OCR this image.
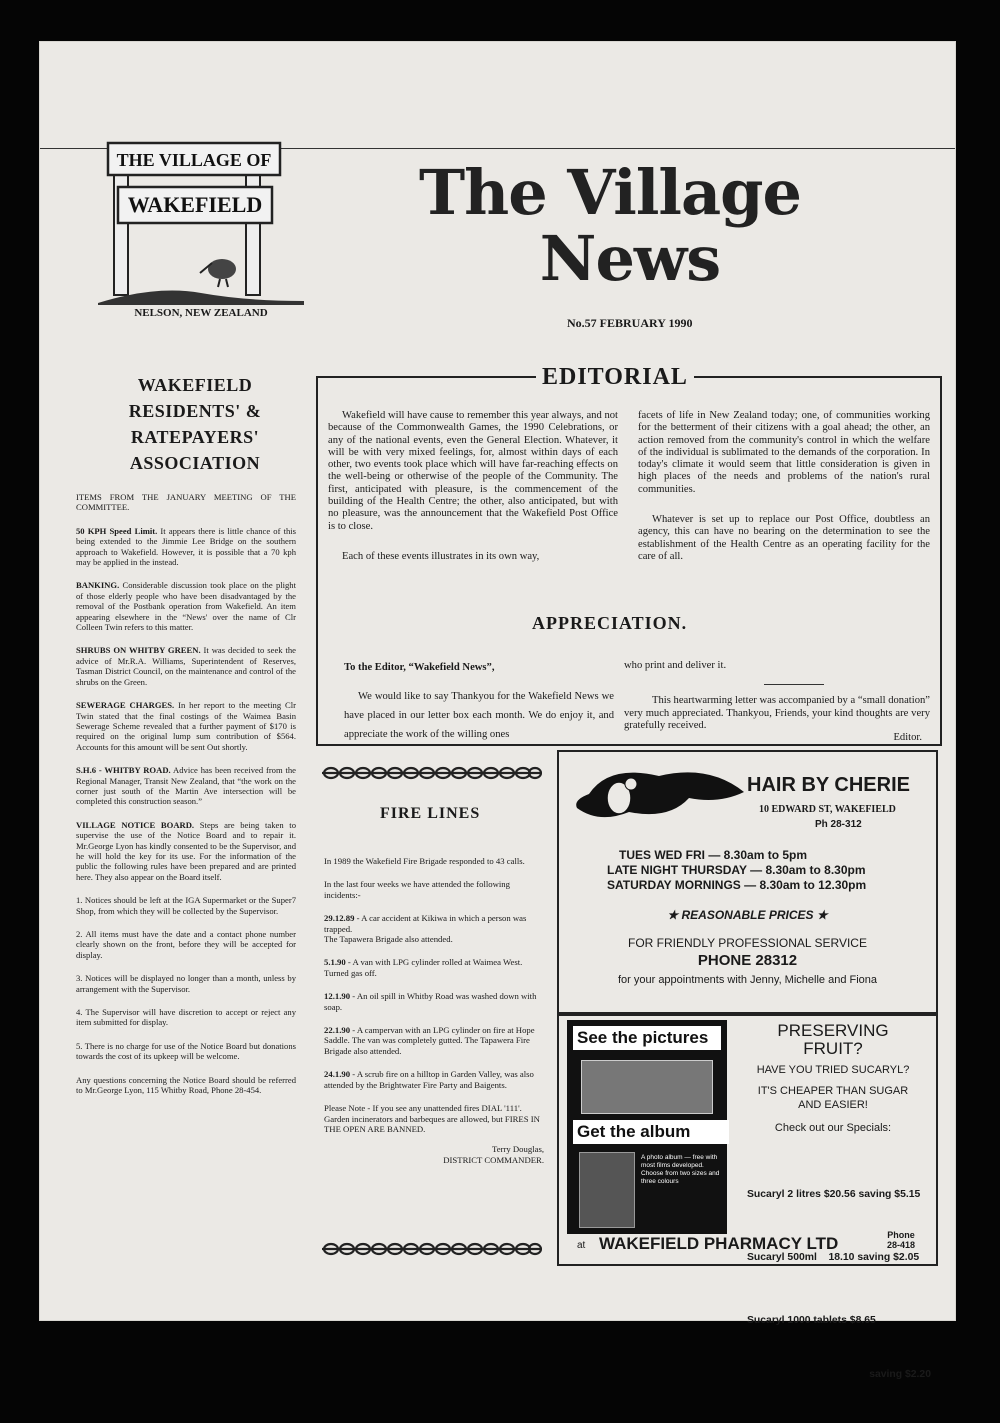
THE VILLAGE OF
WAKEFIELD
NELSON, NEW ZEALAND
The Village
News
No.57 FEBRUARY 1990
WAKEFIELD
RESIDENTS' &
RATEPAYERS'
ASSOCIATION

ITEMS FROM THE JANUARY MEETING OF THE COMMITTEE.

50 KPH Speed Limit. It appears there is little chance of this being extended to the Jimmie Lee Bridge on the southern approach to Wakefield. However, it is possible that a 70 kph may be applied in the instead.

BANKING. Considerable discussion took place on the plight of those elderly people who have been disadvantaged by the removal of the Postbank operation from Wakefield. An item appearing elsewhere in the “News' over the name of Clr Colleen Twin refers to this matter.

SHRUBS ON WHITBY GREEN. It was decided to seek the advice of Mr.R.A. Williams, Superintendent of Reserves, Tasman District Council, on the maintenance and control of the shrubs on the Green.

SEWERAGE CHARGES. In her report to the meeting Clr Twin stated that the final costings of the Waimea Basin Sewerage Scheme revealed that a further payment of $170 is required on the original lump sum contribution of $564. Accounts for this amount will be sent Out shortly.

S.H.6 - WHITBY ROAD. Advice has been received from the Regional Manager, Transit New Zealand, that “the work on the corner just south of the Martin Ave intersection will be completed this construction season.”

VILLAGE NOTICE BOARD. Steps are being taken to supervise the use of the Notice Board and to repair it. Mr.George Lyon has kindly consented to be the Supervisor, and he will hold the key for its use. For the information of the public the following rules have been prepared and are printed here. They also appear on the Board itself.

1. Notices should be left at the IGA Supermarket or the Super7 Shop, from which they will be collected by the Supervisor.

2. All items must have the date and a contact phone number clearly shown on the front, before they will be accepted for display.

3. Notices will be displayed no longer than a month, unless by arrangement with the Supervisor.

4. The Supervisor will have discretion to accept or reject any item submitted for display.

5. There is no charge for use of the Notice Board but donations towards the cost of its upkeep will be welcome.

Any questions concerning the Notice Board should be referred to Mr.George Lyon, 115 Whitby Road, Phone 28-454.

EDITORIAL

Wakefield will have cause to remember this year always, and not because of the Commonwealth Games, the 1990 Celebrations, or any of the national events, even the General Election. Whatever, it will be with very mixed feelings, for, almost within days of each other, two events took place which will have far-reaching effects on the well-being or otherwise of the people of the Community. The first, anticipated with pleasure, is the commencement of the building of the Health Centre; the other, also anticipated, but with no pleasure, was the announcement that the Wakefield Post Office is to close.

Each of these events illustrates in its own way,

facets of life in New Zealand today; one, of communities working for the betterment of their citizens with a goal ahead; the other, an action removed from the community's control in which the welfare of the individual is sublimated to the demands of the corporation. In today's climate it would seem that little consideration is given in high places of the needs and problems of the nation's rural communities.

Whatever is set up to replace our Post Office, doubtless an agency, this can have no bearing on the determination to see the establishment of the Health Centre as an operating facility for the care of all.

APPRECIATION.
To the Editor, “Wakefield News”,
We would like to say Thankyou for the Wakefield News we have placed in our letter box each month. We do enjoy it, and appreciate the work of the willing ones
who print and deliver it.
This heartwarming letter was accompanied by a “small donation” very much appreciated. Thankyou, Friends, your kind thoughts are very gratefully received.
Editor.
FIRE LINES

In 1989 the Wakefield Fire Brigade responded to 43 calls.

In the last four weeks we have attended the following incidents:-

29.12.89 - A car accident at Kikiwa in which a person was trapped.
The Tapawera Brigade also attended.

5.1.90 - A van with LPG cylinder rolled at Waimea West. Turned gas off.

12.1.90 - An oil spill in Whitby Road was washed down with soap.

22.1.90 - A campervan with an LPG cylinder on fire at Hope Saddle. The van was completely gutted. The Tapawera Fire Brigade also attended.

24.1.90 - A scrub fire on a hilltop in Garden Valley, was also attended by the Brightwater Fire Party and Baigents.

Please Note - If you see any unattended fires DIAL '111'. Garden incinerators and barbeques are allowed, but FIRES IN THE OPEN ARE BANNED.

Terry Douglas,
DISTRICT COMMANDER.
HAIR BY CHERIE
10 EDWARD ST, WAKEFIELD
Ph 28-312
TUES WED FRI — 8.30am to 5pm
LATE NIGHT THURSDAY — 8.30am to 8.30pm
SATURDAY MORNINGS — 8.30am to 12.30pm
★ REASONABLE PRICES ★
FOR FRIENDLY PROFESSIONAL SERVICE
PHONE 28312
for your appointments with Jenny, Michelle and Fiona
See the pictures
Get the album
A photo album — free with most films developed. Choose from two sizes and three colours
at WAKEFIELD PHARMACY LTD	Phone
28-418
PRESERVING
FRUIT?
HAVE YOU TRIED SUCARYL?
IT'S CHEAPER THAN SUGAR
AND EASIER!
Check out our Specials:

Sucaryl 2 litres $20.56 saving $5.15

Sucaryl 500ml    18.10 saving $2.05

Sucaryl 1000 tablets $8.65

saving $2.20
